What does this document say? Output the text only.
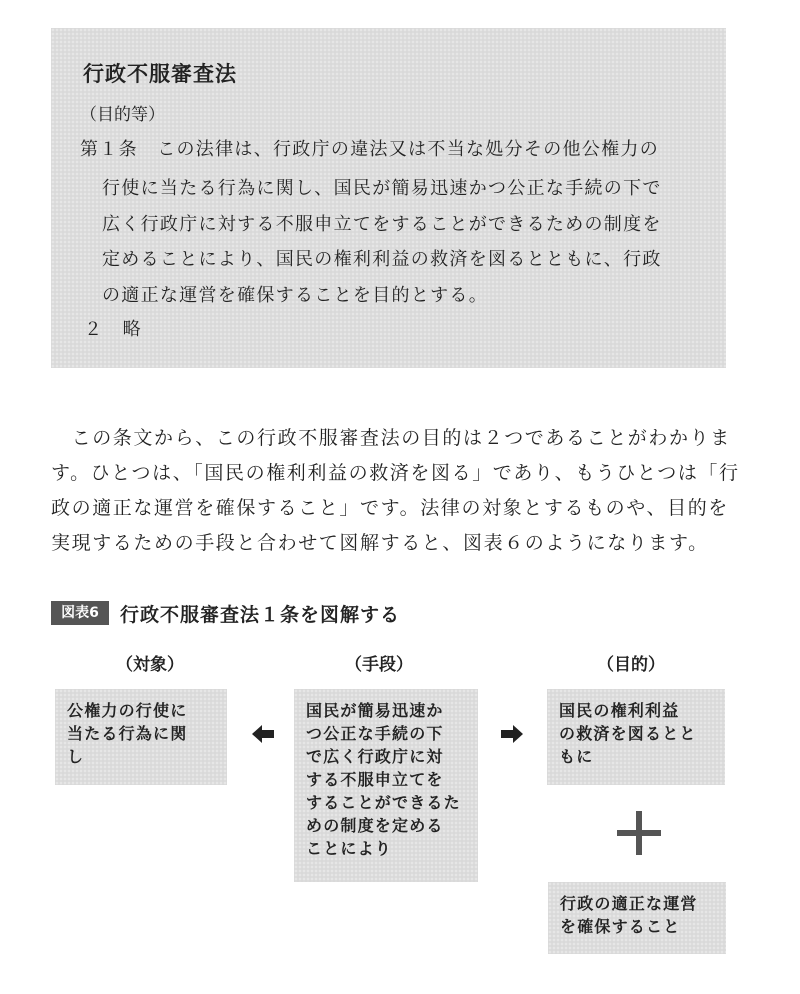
行政不服審査法
（目的等）
第１条　この法律は、行政庁の違法又は不当な処分その他公権力の
行使に当たる行為に関し、国民が簡易迅速かつ公正な手続の下で
広く行政庁に対する不服申立てをすることができるための制度を
定めることにより、国民の権利利益の救済を図るとともに、行政
の適正な運営を確保することを目的とする。
２　略
　この条文から、この行政不服審査法の目的は２つであることがわかりま
す。ひとつは、「国民の権利利益の救済を図る」であり、もうひとつは「行
政の適正な運営を確保すること」です。法律の対象とするものや、目的を
実現するための手段と合わせて図解すると、図表６のようになります。
図表6	行政不服審査法１条を図解する
（対象）	（手段）	（目的）
公権力の行使に
当たる行為に関
し
国民が簡易迅速か
つ公正な手続の下
で広く行政庁に対
する不服申立てを
することができるた
めの制度を定める
ことにより
国民の権利利益
の救済を図るとと
もに
行政の適正な運営
を確保すること
